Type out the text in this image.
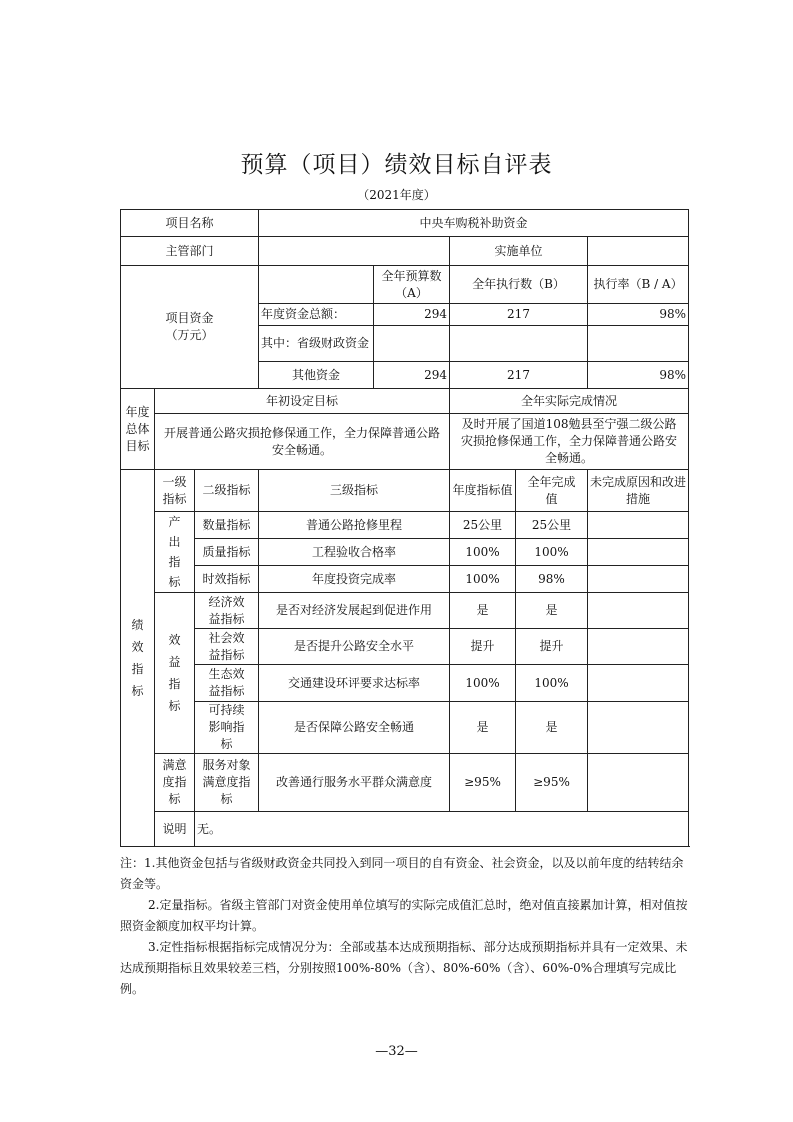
预算（项目）绩效目标自评表
（2021年度）
项目名称			中央车购税补助资金				
主管部门					实施单位		

项目资金
（万元）				全年预算数（A）	全年执行数（B）		执行率（B / A）
			年度资金总额：	294	217		98%
			其中：省级财政资金				
			其他资金	294	217		98%

年度总体目标	年初设定目标				全年实际完成情况		
	开展普通公路灾损抢修保通工作，全力保障普通公路安全畅通。				及时开展了国道108勉县至宁强二级公路灾损抢修保通工作，全力保障普通公路安全畅通。		
绩效指标	一级指标	二级指标	三级指标		年度指标值	全年完成值	未完成原因和改进措施
	产出指标	数量指标	普通公路抢修里程		25公里	25公里	
		质量指标	工程验收合格率		100%	100%	
		时效指标	年度投资完成率		100%	98%	
	效益指标	经济效益指标	是否对经济发展起到促进作用		是	是	
		社会效益指标	是否提升公路安全水平		提升	提升	
		生态效益指标	交通建设环评要求达标率		100%	100%	
		可持续影响指标	是否保障公路安全畅通		是	是	
	满意度指标	服务对象满意度指标	改善通行服务水平群众满意度		≥95%	≥95%	
	说明	无。					

注：1.其他资金包括与省级财政资金共同投入到同一项目的自有资金、社会资金，以及以前年度的结转结余资金等。

2.定量指标。省级主管部门对资金使用单位填写的实际完成值汇总时，绝对值直接累加计算，相对值按照资金额度加权平均计算。

3.定性指标根据指标完成情况分为：全部或基本达成预期指标、部分达成预期指标并具有一定效果、未达成预期指标且效果较差三档，分别按照100%-80%（含）、80%-60%（含）、60%-0%合理填写完成比例。

—32—
